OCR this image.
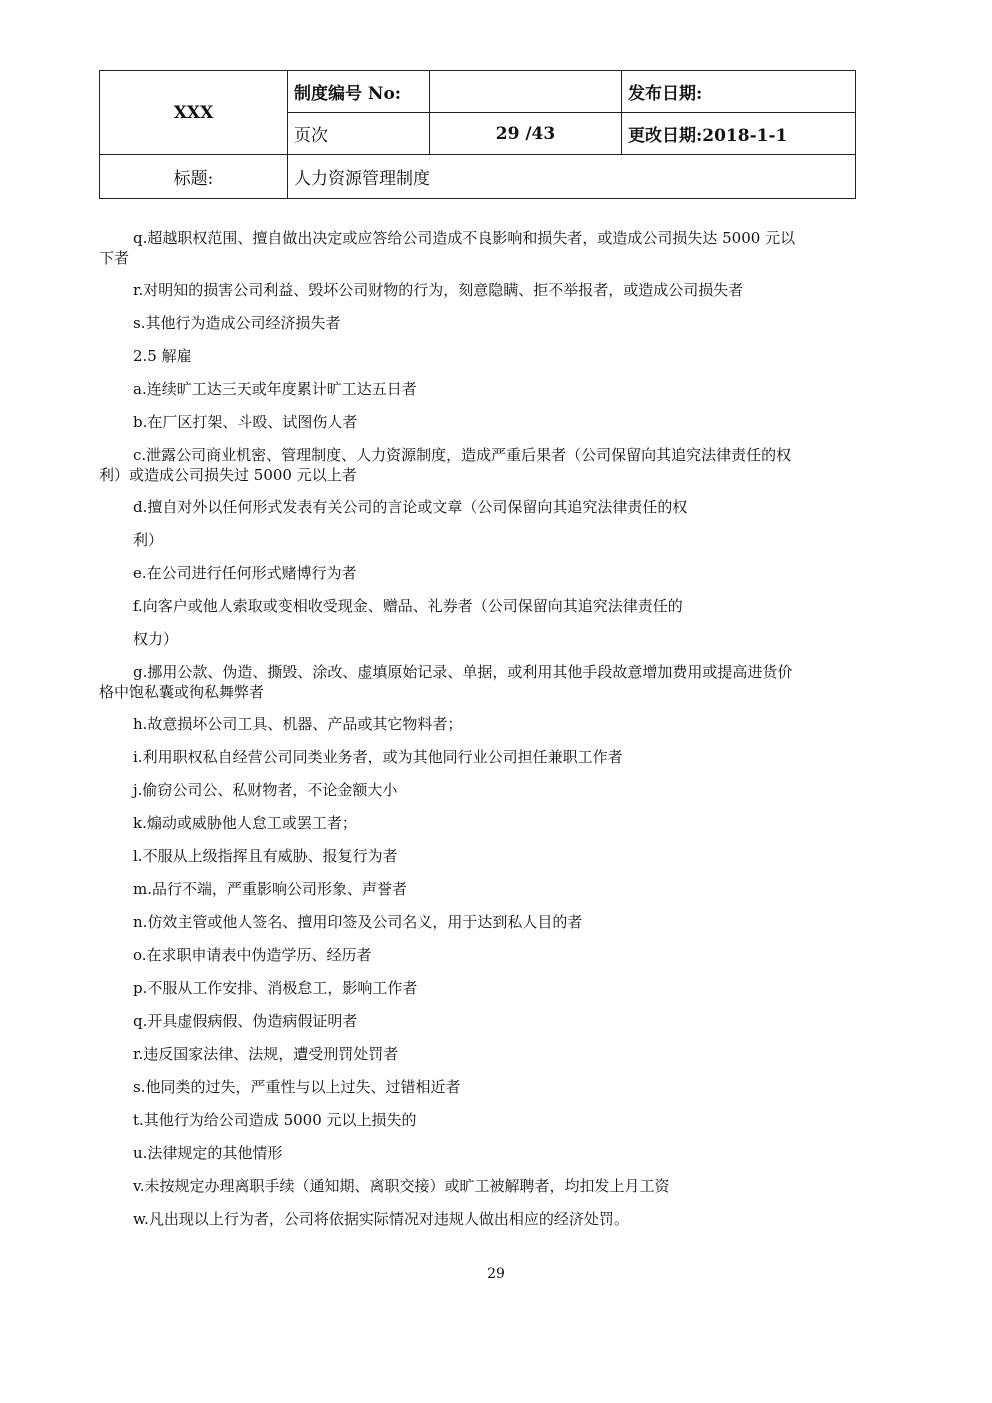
XXX	制度编号 No:		发布日期:
	页次	29 /43	更改日期:2018-1-1
标题:	人力资源管理制度		
q.超越职权范围、擅自做出决定或应答给公司造成不良影响和损失者，或造成公司损失达 5000 元以
下者
r.对明知的损害公司利益、毁坏公司财物的行为，刻意隐瞒、拒不举报者，或造成公司损失者
s.其他行为造成公司经济损失者
2.5 解雇
a.连续旷工达三天或年度累计旷工达五日者
b.在厂区打架、斗殴、试图伤人者
c.泄露公司商业机密、管理制度、人力资源制度，造成严重后果者（公司保留向其追究法律责任的权
利）或造成公司损失过 5000 元以上者
d.擅自对外以任何形式发表有关公司的言论或文章（公司保留向其追究法律责任的权
利）
e.在公司进行任何形式赌博行为者
f.向客户或他人索取或变相收受现金、赠品、礼券者（公司保留向其追究法律责任的
权力）
g.挪用公款、伪造、撕毁、涂改、虚填原始记录、单据，或利用其他手段故意增加费用或提高进货价
格中饱私囊或徇私舞弊者
h.故意损坏公司工具、机器、产品或其它物料者；
i.利用职权私自经营公司同类业务者，或为其他同行业公司担任兼职工作者
j.偷窃公司公、私财物者，不论金额大小
k.煽动或威胁他人怠工或罢工者；
l.不服从上级指挥且有威胁、报复行为者
m.品行不端，严重影响公司形象、声誉者
n.仿效主管或他人签名、擅用印签及公司名义，用于达到私人目的者
o.在求职申请表中伪造学历、经历者
p.不服从工作安排、消极怠工，影响工作者
q.开具虚假病假、伪造病假证明者
r.违反国家法律、法规，遭受刑罚处罚者
s.他同类的过失，严重性与以上过失、过错相近者
t.其他行为给公司造成 5000 元以上损失的
u.法律规定的其他情形
v.未按规定办理离职手续（通知期、离职交接）或旷工被解聘者，均扣发上月工资
w.凡出现以上行为者，公司将依据实际情况对违规人做出相应的经济处罚。
29
